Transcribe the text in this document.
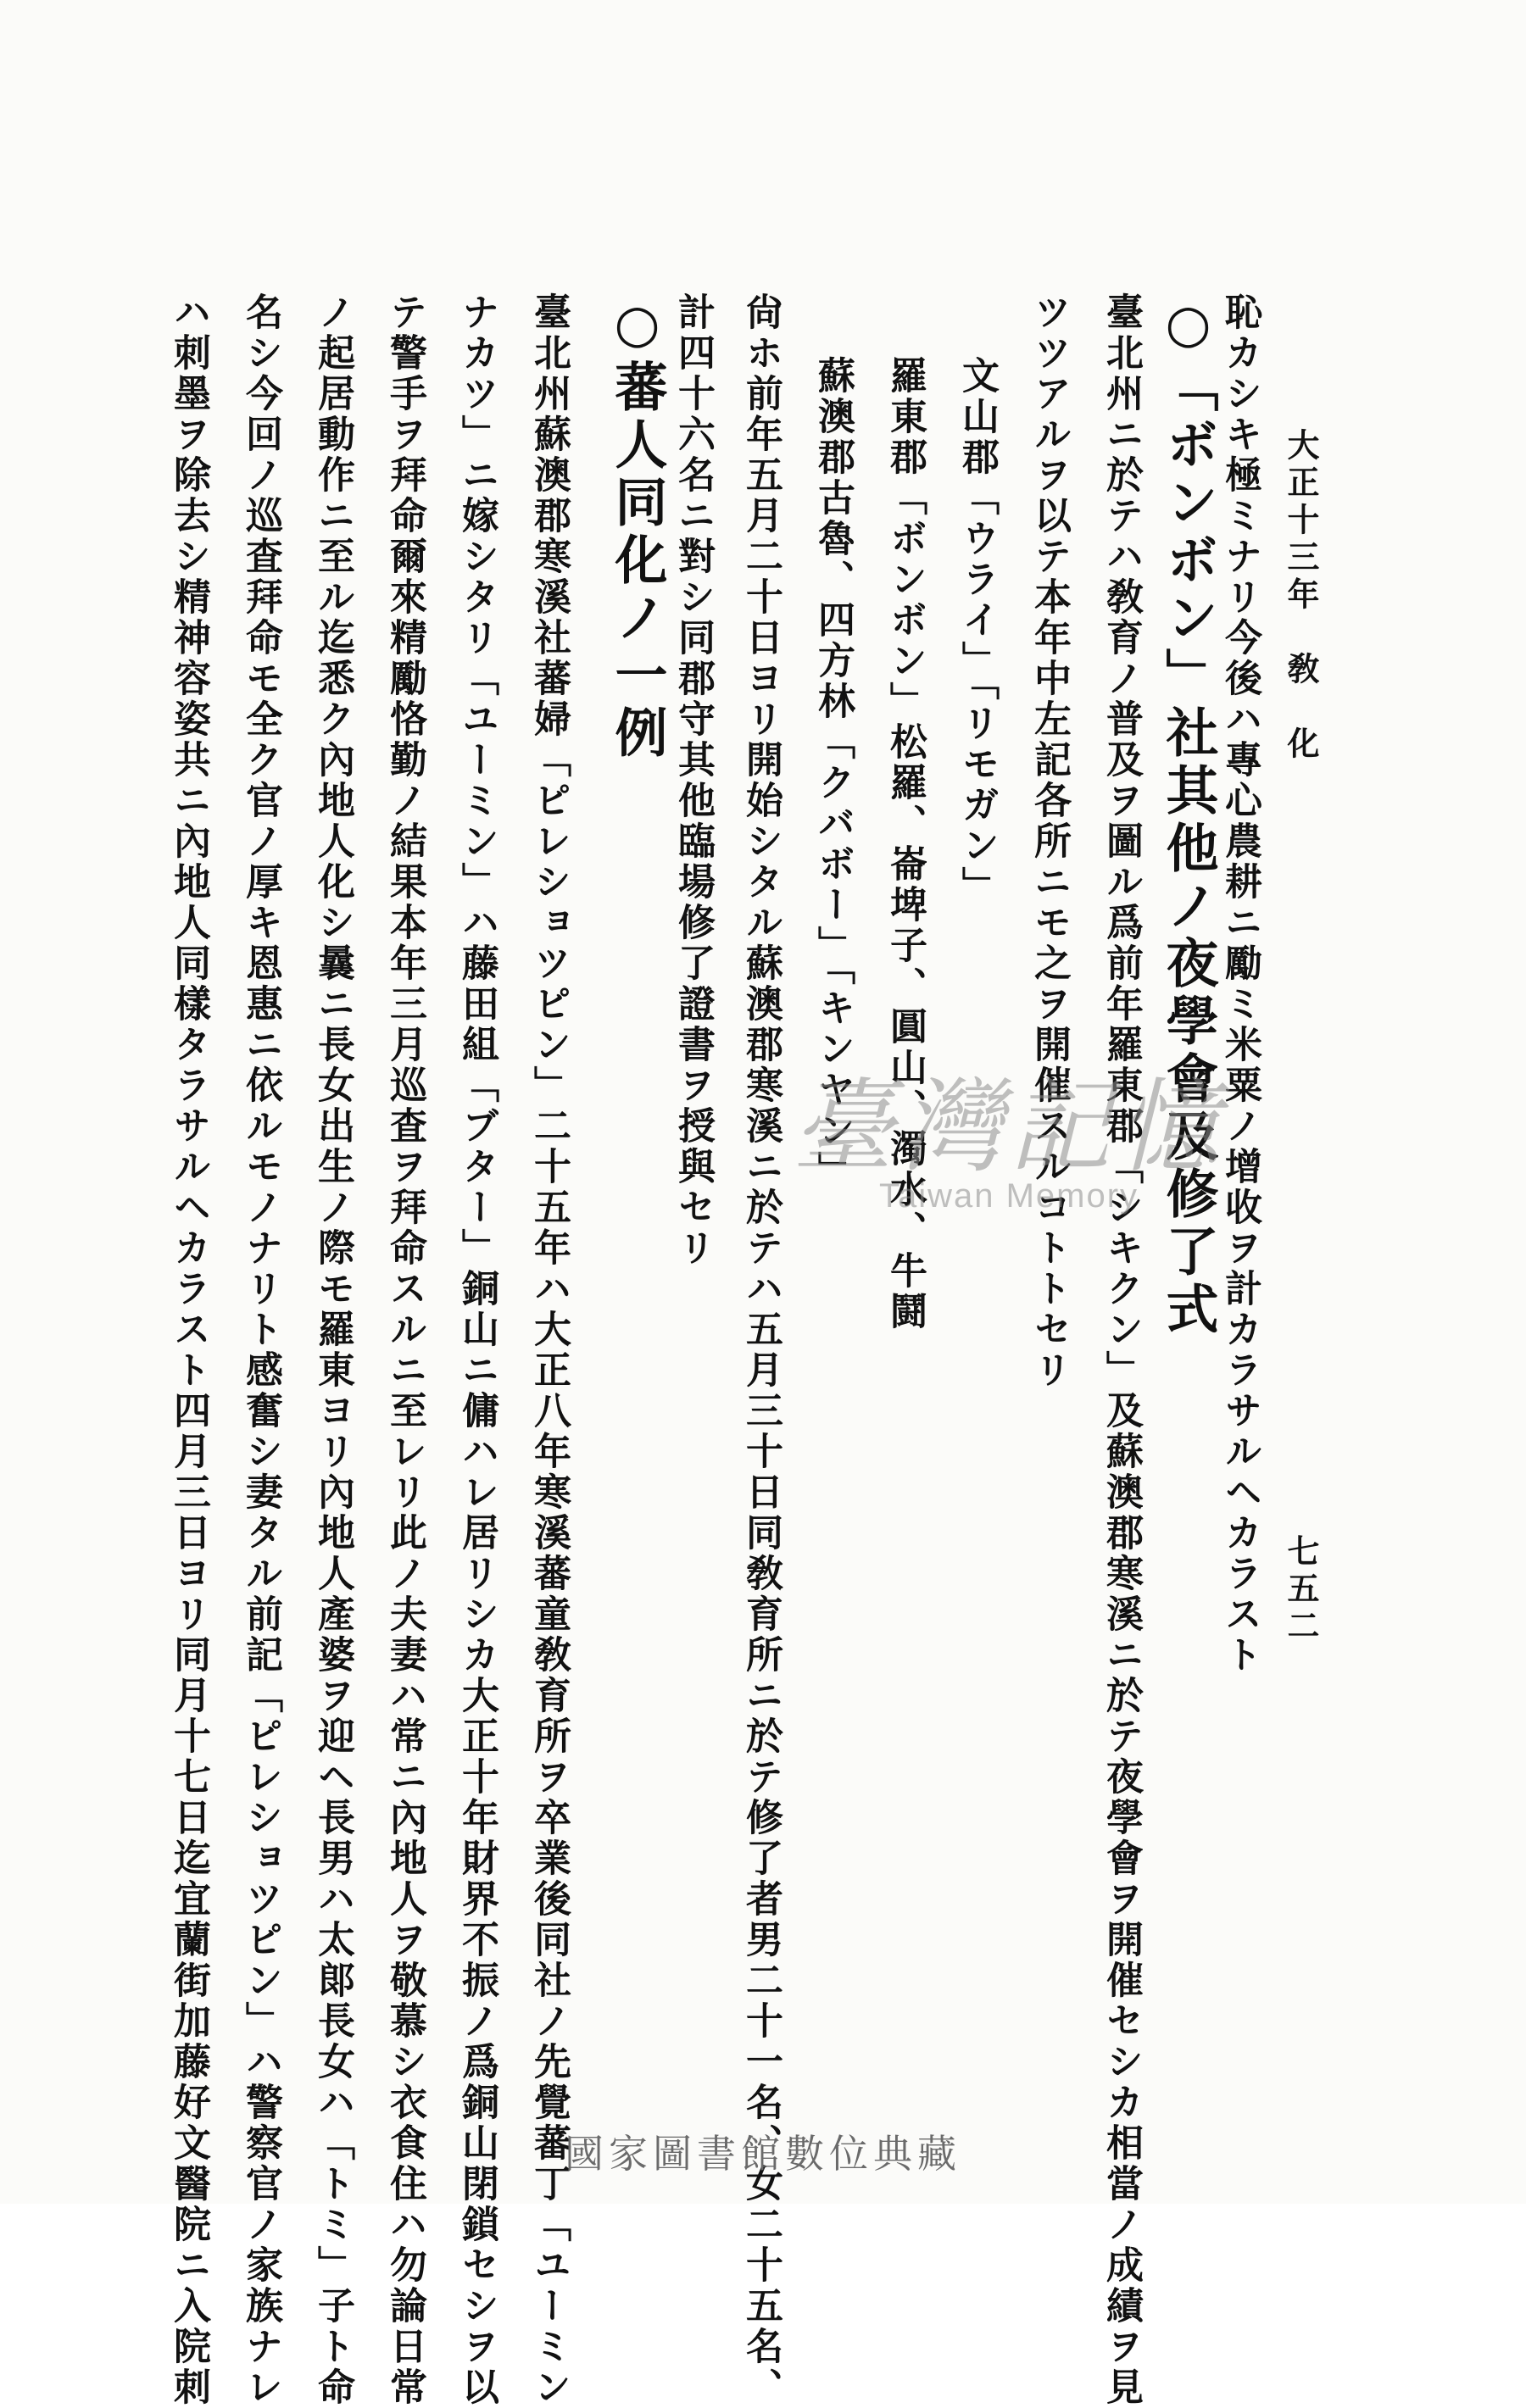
大正十三年　敎　化
七五二
恥カシキ極ミナリ今後ハ專心農耕ニ勵ミ米粟ノ增收ヲ計カラサルヘカラスト
○「ボンボン」社其他ノ夜學會及修了式
臺北州ニ於テハ敎育ノ普及ヲ圖ル爲前年羅東郡「シキクン」及蘇澳郡寒溪ニ於テ夜學會ヲ開催セシカ相當ノ成績ヲ見
ツツアルヲ以テ本年中左記各所ニモ之ヲ開催スルコトトセリ
文山郡「ウライ」「リモガン」
羅東郡「ボンボン」松羅、崙埤子、圓山、濁水、牛鬪
蘇澳郡古魯、四方林「クバボー」「キンヤン」
尙ホ前年五月二十日ヨリ開始シタル蘇澳郡寒溪ニ於テハ五月三十日同敎育所ニ於テ修了者男二十一名、女二十五名、
計四十六名ニ對シ同郡守其他臨場修了證書ヲ授與セリ
○蕃人同化ノ一例
臺北州蘇澳郡寒溪社蕃婦「ピレショツピン」二十五年ハ大正八年寒溪蕃童敎育所ヲ卒業後同社ノ先覺蕃丁「ユーミン
ナカツ」ニ嫁シタリ「ユーミン」ハ藤田組「ブター」銅山ニ傭ハレ居リシカ大正十年財界不振ノ爲銅山閉鎖セシヲ以
テ警手ヲ拜命爾來精勵恪勤ノ結果本年三月巡査ヲ拜命スルニ至レリ此ノ夫妻ハ常ニ內地人ヲ敬慕シ衣食住ハ勿論日常
ノ起居動作ニ至ル迄悉ク內地人化シ曩ニ長女出生ノ際モ羅東ヨリ內地人產婆ヲ迎ヘ長男ハ太郞長女ハ「トミ」子ト命
名シ今回ノ巡査拜命モ全ク官ノ厚キ恩惠ニ依ルモノナリト感奮シ妻タル前記「ピレショツピン」ハ警察官ノ家族ナレ
ハ刺墨ヲ除去シ精神容姿共ニ內地人同樣タラサルヘカラスト四月三日ヨリ同月十七日迄宜蘭街加藤好文醫院ニ入院刺	臺灣記憶
Taiwan Memory
國家圖書館數位典藏
